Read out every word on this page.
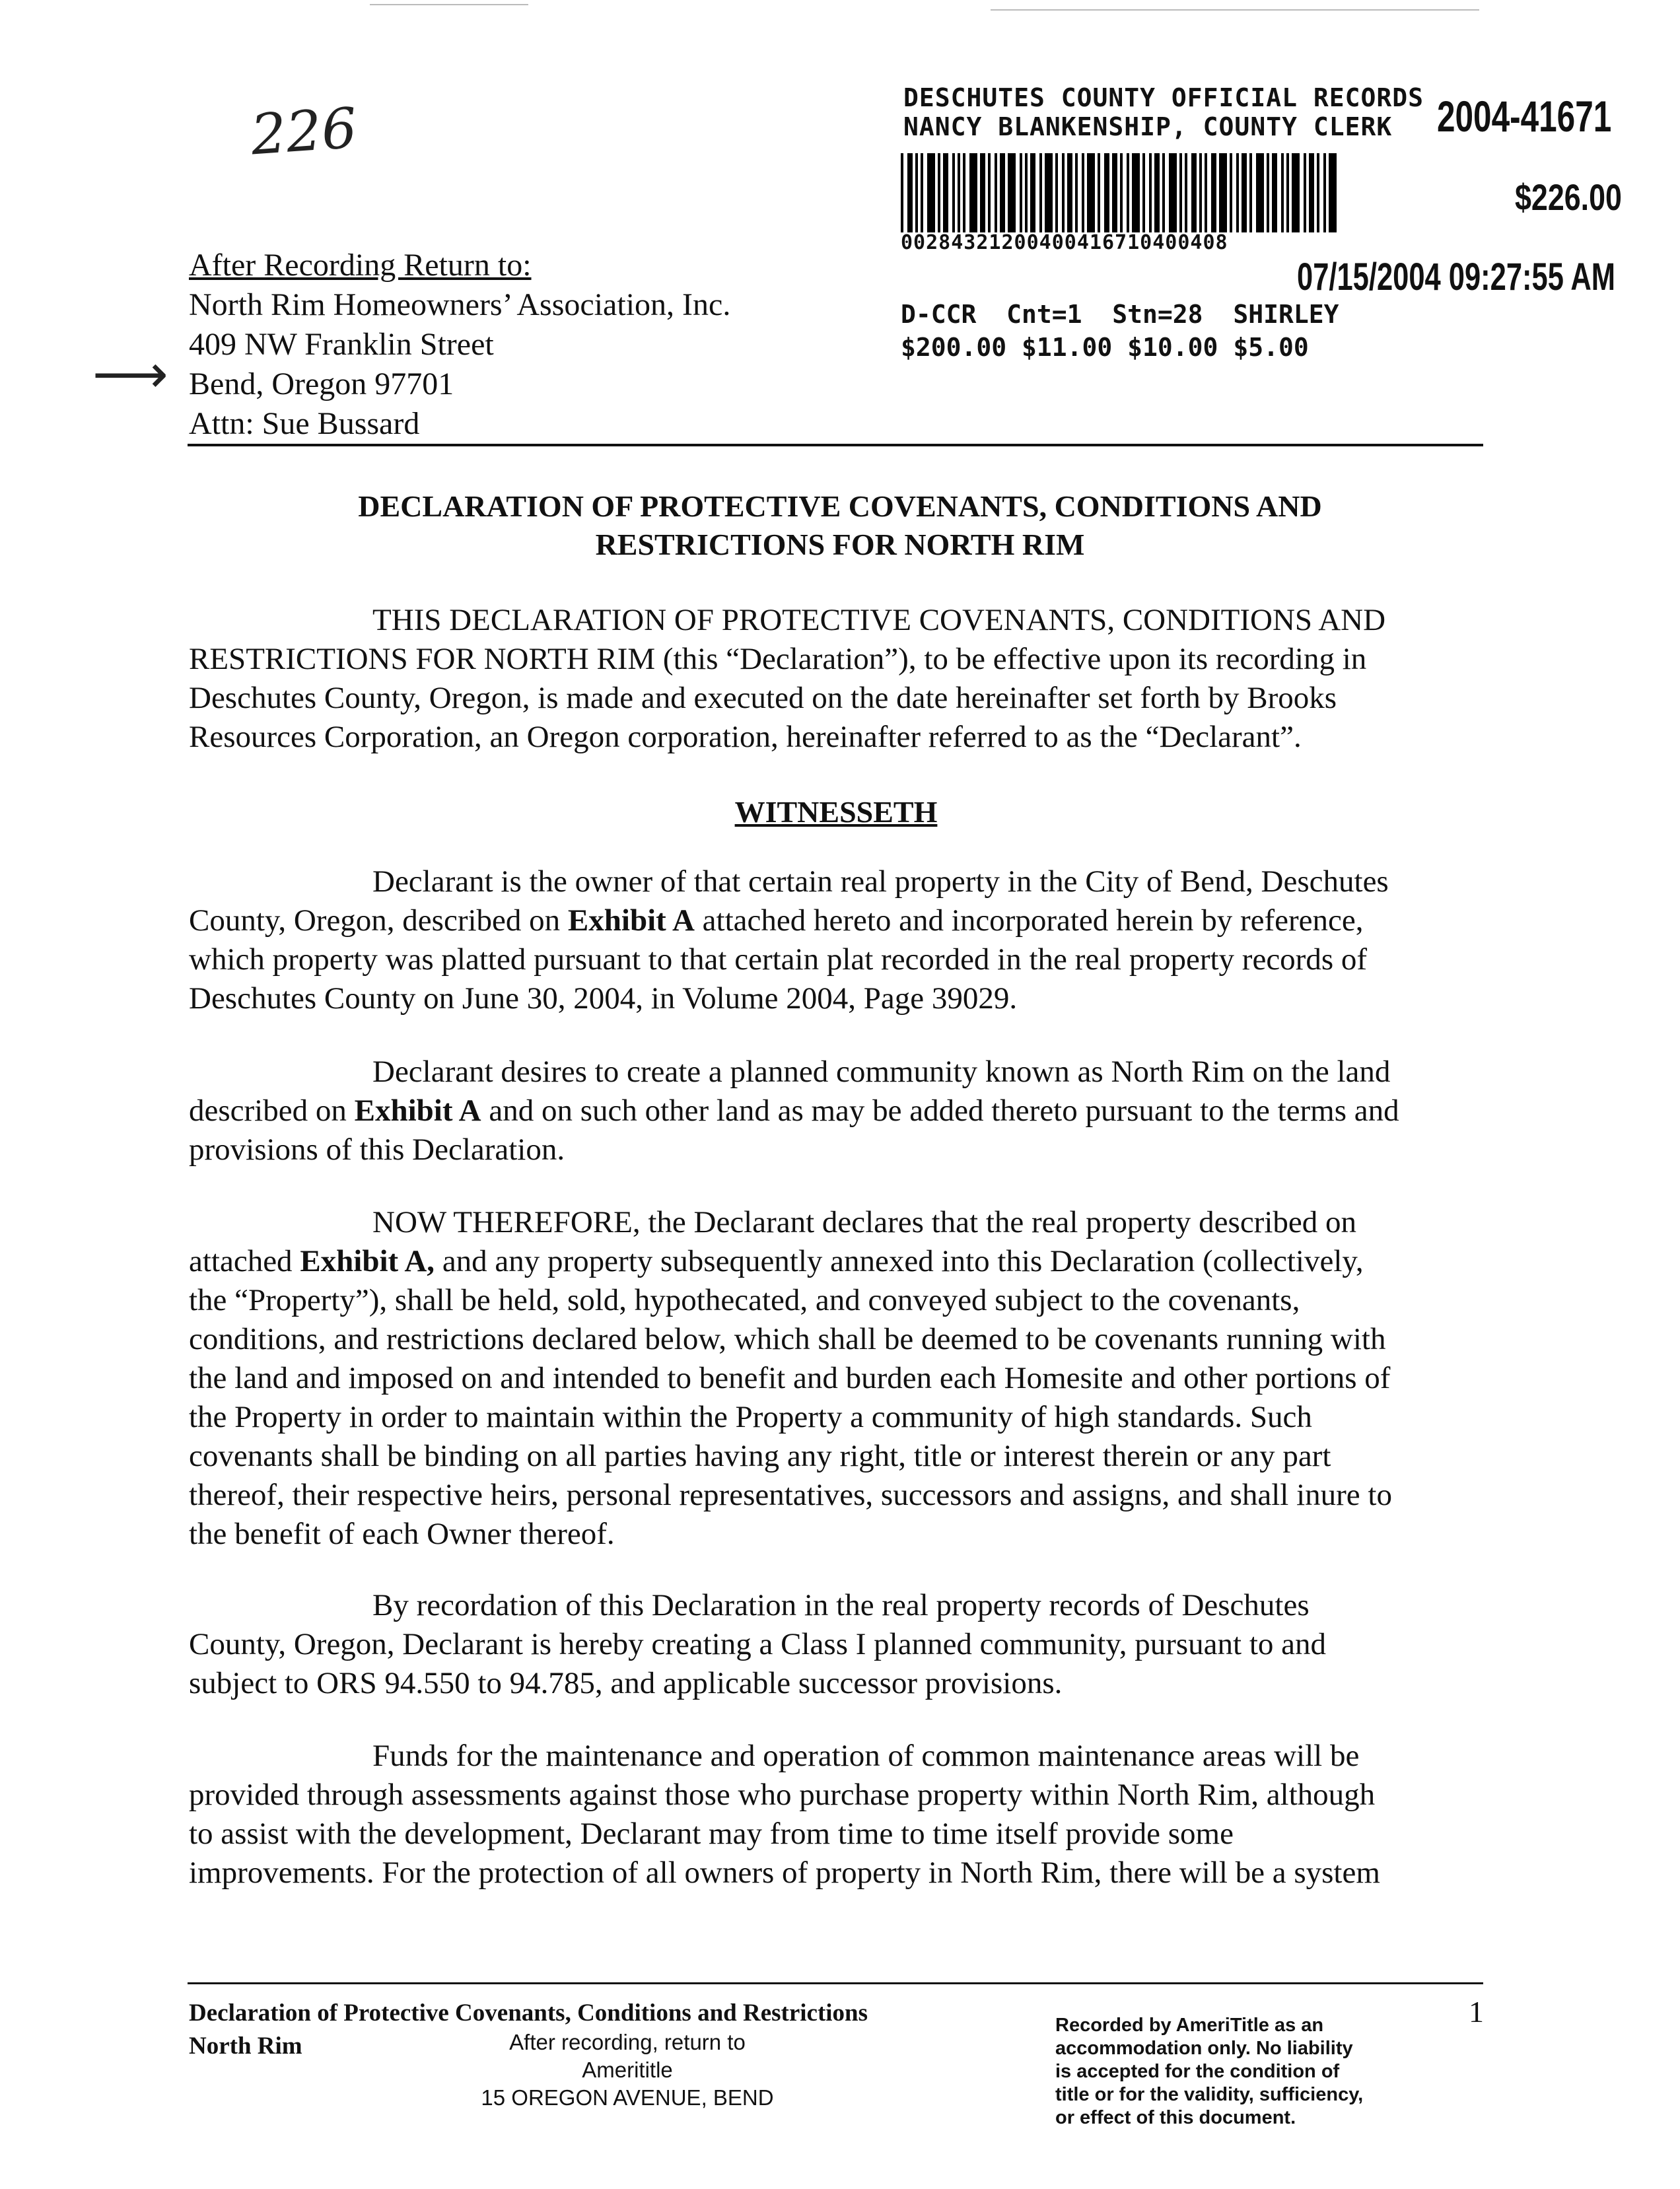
226
⟶
After Recording Return to:
North Rim Homeowners’ Association, Inc.
409 NW Franklin Street
Bend, Oregon 97701
Attn: Sue Bussard
DESCHUTES COUNTY OFFICIAL RECORDS
NANCY BLANKENSHIP, COUNTY CLERK	2004-41671
$226.00
00284321200400416710400408
07/15/2004 09:27:55 AM
D-CCR  Cnt=1  Stn=28  SHIRLEY
$200.00 $11.00 $10.00 $5.00
DECLARATION OF PROTECTIVE COVENANTS, CONDITIONS AND
RESTRICTIONS FOR NORTH RIM

THIS DECLARATION OF PROTECTIVE COVENANTS, CONDITIONS AND

RESTRICTIONS FOR NORTH RIM (this “Declaration”), to be effective upon its recording in

Deschutes County, Oregon, is made and executed on the date hereinafter set forth by Brooks

Resources Corporation, an Oregon corporation, hereinafter referred to as the “Declarant”.

WITNESSETH

Declarant is the owner of that certain real property in the City of Bend, Deschutes

County, Oregon, described on Exhibit A attached hereto and incorporated herein by reference,

which property was platted pursuant to that certain plat recorded in the real property records of

Deschutes County on June 30, 2004, in Volume 2004, Page 39029.

Declarant desires to create a planned community known as North Rim on the land

described on Exhibit A and on such other land as may be added thereto pursuant to the terms and

provisions of this Declaration.

NOW THEREFORE, the Declarant declares that the real property described on

attached Exhibit A, and any property subsequently annexed into this Declaration (collectively,

the “Property”), shall be held, sold, hypothecated, and conveyed subject to the covenants,

conditions, and restrictions declared below, which shall be deemed to be covenants running with

the land and imposed on and intended to benefit and burden each Homesite and other portions of

the Property in order to maintain within the Property a community of high standards. Such

covenants shall be binding on all parties having any right, title or interest therein or any part

thereof, their respective heirs, personal representatives, successors and assigns, and shall inure to

the benefit of each Owner thereof.

By recordation of this Declaration in the real property records of Deschutes

County, Oregon, Declarant is hereby creating a Class I planned community, pursuant to and

subject to ORS 94.550 to 94.785, and applicable successor provisions.

Funds for the maintenance and operation of common maintenance areas will be

provided through assessments against those who purchase property within North Rim, although

to assist with the development, Declarant may from time to time itself provide some

improvements. For the protection of all owners of property in North Rim, there will be a system

Declaration of Protective Covenants, Conditions and Restrictions
North Rim
1
Recorded by AmeriTitle as an
accommodation only. No liability
is accepted for the condition of
title or for the validity, sufficiency,
or effect of this document.
After recording, return to
Amerititle
15 OREGON AVENUE, BEND
